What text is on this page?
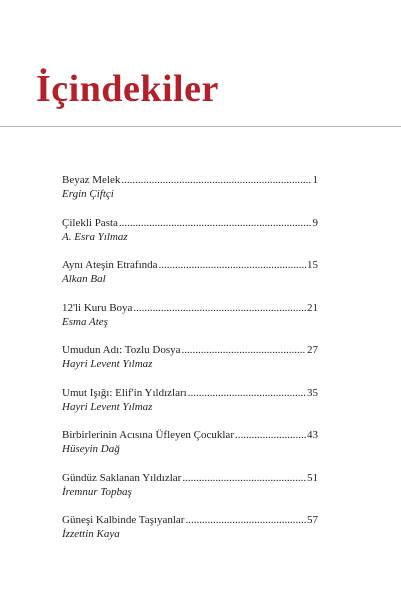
İçindekiler
Beyaz Melek .....	1
Ergin Çiftçi
Çilekli Pasta .....	9
A. Esra Yılmaz
Aynı Ateşin Etrafında .....	15
Alkan Bal
12'li Kuru Boya .....	21
Esma Ateş
Umudun Adı: Tozlu Dosya .....	27
Hayri Levent Yılmaz
Umut Işığı: Elif'in Yıldızları .....	35
Hayri Levent Yılmaz
Birbirlerinin Acısına Üfleyen Çocuklar .....	43
Hüseyin Dağ
Gündüz Saklanan Yıldızlar .....	51
İremnur Topbaş
Güneşi Kalbinde Taşıyanlar .....	57
İzzettin Kaya
